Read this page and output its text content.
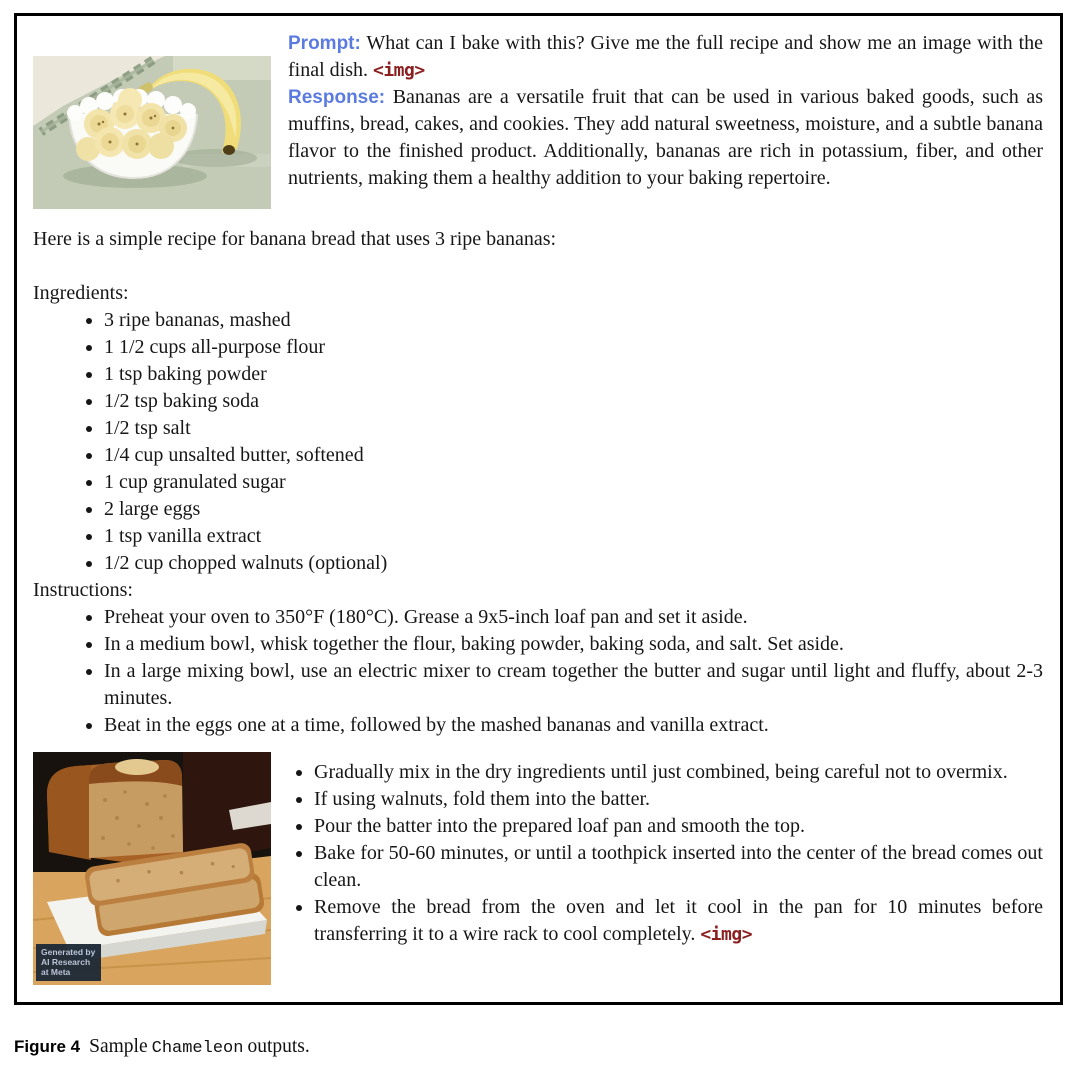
Prompt: What can I bake with this? Give me the full recipe and show me an image with the final dish. <img>

Response: Bananas are a versatile fruit that can be used in various baked goods, such as muffins, bread, cakes, and cookies. They add natural sweetness, moisture, and a subtle banana flavor to the finished product. Additionally, bananas are rich in potassium, fiber, and other nutrients, making them a healthy addition to your baking repertoire.

Here is a simple recipe for banana bread that uses 3 ripe bananas:

Ingredients:

• 3 ripe bananas, mashed
• 1 1/2 cups all-purpose flour
• 1 tsp baking powder
• 1/2 tsp baking soda
• 1/2 tsp salt
• 1/4 cup unsalted butter, softened
• 1 cup granulated sugar
• 2 large eggs
• 1 tsp vanilla extract
• 1/2 cup chopped walnuts (optional)

Instructions:

• Preheat your oven to 350°F (180°C). Grease a 9x5-inch loaf pan and set it aside.
• In a medium bowl, whisk together the flour, baking powder, baking soda, and salt. Set aside.
• In a large mixing bowl, use an electric mixer to cream together the butter and sugar until light and fluffy, about 2-3 minutes.
• Beat in the eggs one at a time, followed by the mashed bananas and vanilla extract.
Generated by
AI Research
at Meta
• Gradually mix in the dry ingredients until just combined, being careful not to overmix.
• If using walnuts, fold them into the batter.
• Pour the batter into the prepared loaf pan and smooth the top.
• Bake for 50-60 minutes, or until a toothpick inserted into the center of the bread comes out clean.
• Remove the bread from the oven and let it cool in the pan for 10 minutes before transferring it to a wire rack to cool completely. <img>
Figure 4 Sample Chameleon outputs.
